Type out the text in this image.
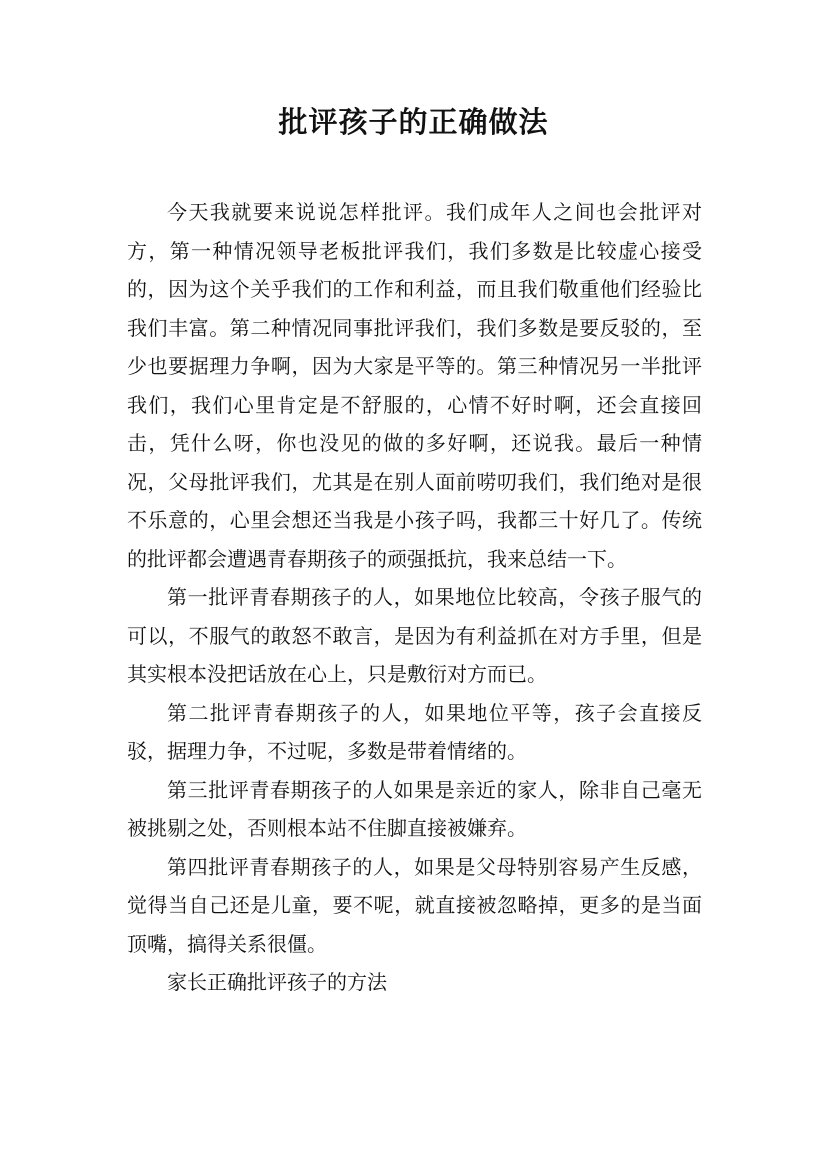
批评孩子的正确做法

今天我就要来说说怎样批评。我们成年人之间也会批评对方，第一种情况领导老板批评我们，我们多数是比较虚心接受的，因为这个关乎我们的工作和利益，而且我们敬重他们经验比我们丰富。第二种情况同事批评我们，我们多数是要反驳的，至少也要据理力争啊，因为大家是平等的。第三种情况另一半批评我们，我们心里肯定是不舒服的，心情不好时啊，还会直接回击，凭什么呀，你也没见的做的多好啊，还说我。最后一种情况，父母批评我们，尤其是在别人面前唠叨我们，我们绝对是很不乐意的，心里会想还当我是小孩子吗，我都三十好几了。传统的批评都会遭遇青春期孩子的顽强抵抗，我来总结一下。

第一批评青春期孩子的人，如果地位比较高，令孩子服气的可以，不服气的敢怒不敢言，是因为有利益抓在对方手里，但是其实根本没把话放在心上，只是敷衍对方而已。

第二批评青春期孩子的人，如果地位平等，孩子会直接反驳，据理力争，不过呢，多数是带着情绪的。

第三批评青春期孩子的人如果是亲近的家人，除非自己毫无被挑剔之处，否则根本站不住脚直接被嫌弃。

第四批评青春期孩子的人，如果是父母特别容易产生反感，觉得当自己还是儿童，要不呢，就直接被忽略掉，更多的是当面顶嘴，搞得关系很僵。

家长正确批评孩子的方法
